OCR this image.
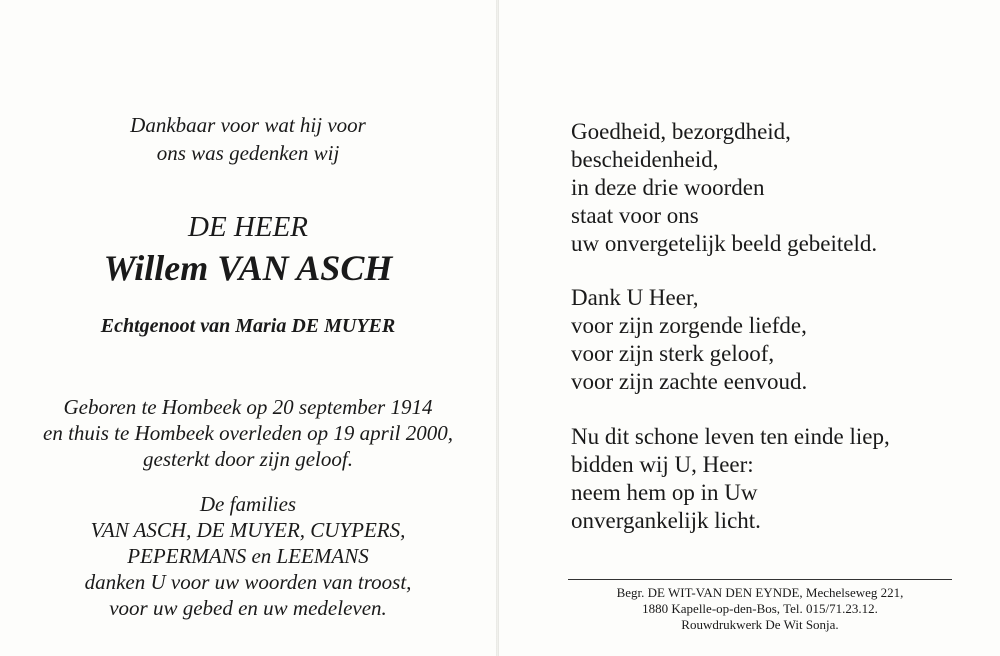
Dankbaar voor wat hij voor
ons was gedenken wij
DE HEER
Willem VAN ASCH
Echtgenoot van Maria DE MUYER
Geboren te Hombeek op 20 september 1914
en thuis te Hombeek overleden op 19 april 2000,
gesterkt door zijn geloof.
De families
VAN ASCH, DE MUYER, CUYPERS,
PEPERMANS en LEEMANS
danken U voor uw woorden van troost,
voor uw gebed en uw medeleven.
Goedheid, bezorgdheid,
bescheidenheid,
in deze drie woorden
staat voor ons
uw onvergetelijk beeld gebeiteld.
Dank U Heer,
voor zijn zorgende liefde,
voor zijn sterk geloof,
voor zijn zachte eenvoud.
Nu dit schone leven ten einde liep,
bidden wij U, Heer:
neem hem op in Uw
onvergankelijk licht.
Begr. DE WIT-VAN DEN EYNDE, Mechelseweg 221,
1880 Kapelle-op-den-Bos, Tel. 015/71.23.12.
Rouwdrukwerk De Wit Sonja.
